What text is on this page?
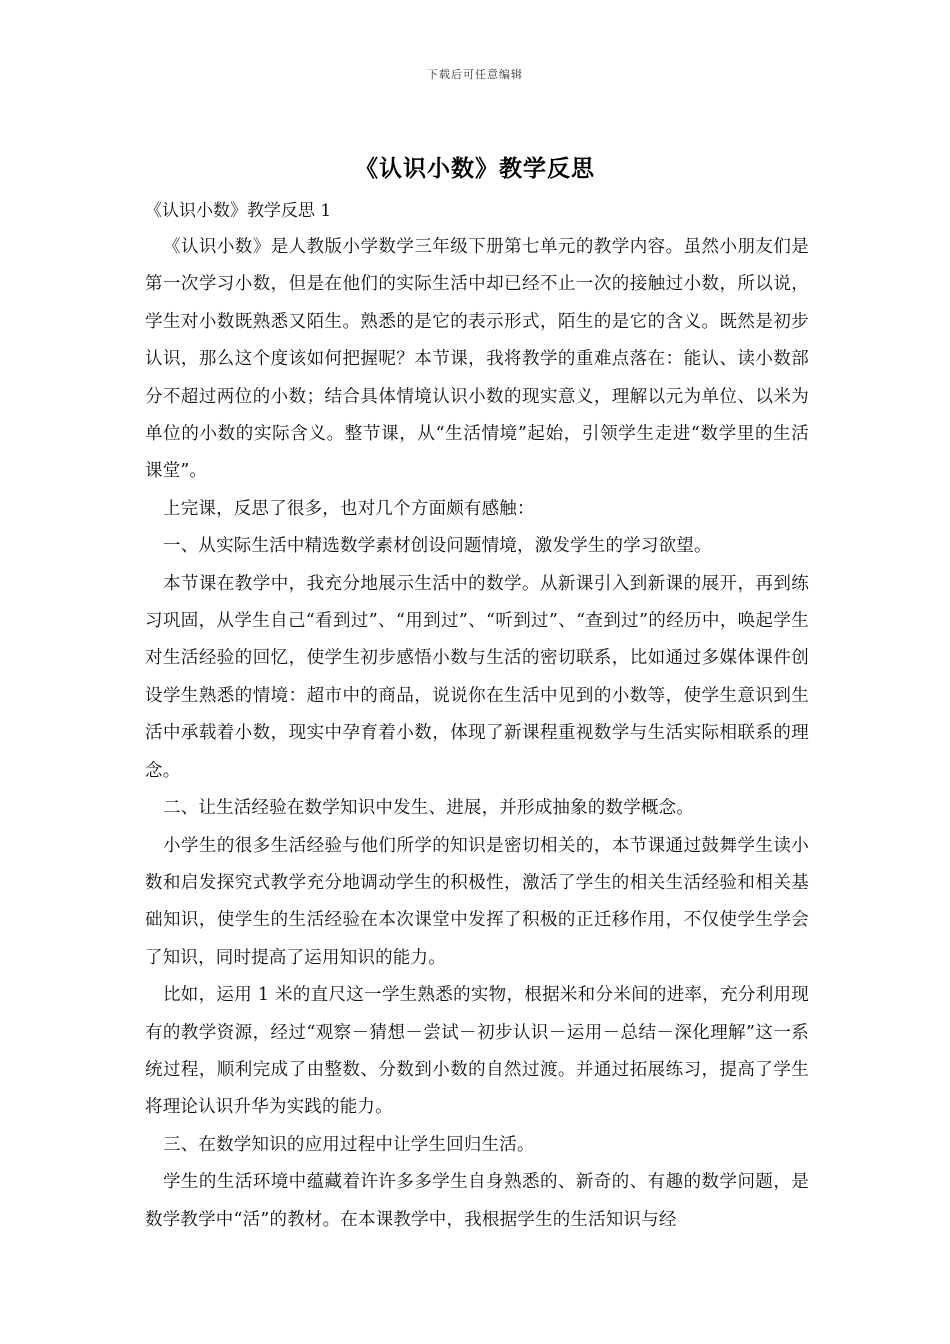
下载后可任意编辑
《认识小数》教学反思

《认识小数》教学反思 1

《认识小数》是人教版小学数学三年级下册第七单元的教学内容。虽然小朋友们是第一次学习小数，但是在他们的实际生活中却已经不止一次的接触过小数，所以说，学生对小数既熟悉又陌生。熟悉的是它的表示形式，陌生的是它的含义。既然是初步认识，那么这个度该如何把握呢？本节课，我将教学的重难点落在：能认、读小数部分不超过两位的小数；结合具体情境认识小数的现实意义，理解以元为单位、以米为单位的小数的实际含义。整节课，从“生活情境”起始，引领学生走进“数学里的生活课堂”。

上完课，反思了很多，也对几个方面颇有感触：

一、从实际生活中精选数学素材创设问题情境，激发学生的学习欲望。

本节课在教学中，我充分地展示生活中的数学。从新课引入到新课的展开，再到练习巩固，从学生自己“看到过”、“用到过”、“听到过”、“查到过”的经历中，唤起学生对生活经验的回忆，使学生初步感悟小数与生活的密切联系，比如通过多媒体课件创设学生熟悉的情境：超市中的商品，说说你在生活中见到的小数等，使学生意识到生活中承载着小数，现实中孕育着小数，体现了新课程重视数学与生活实际相联系的理念。

二、让生活经验在数学知识中发生、进展，并形成抽象的数学概念。

小学生的很多生活经验与他们所学的知识是密切相关的，本节课通过鼓舞学生读小数和启发探究式教学充分地调动学生的积极性，激活了学生的相关生活经验和相关基础知识，使学生的生活经验在本次课堂中发挥了积极的正迁移作用，不仅使学生学会了知识，同时提高了运用知识的能力。

比如，运用 1 米的直尺这一学生熟悉的实物，根据米和分米间的进率，充分利用现有的教学资源，经过“观察－猜想－尝试－初步认识－运用－总结－深化理解”这一系统过程，顺利完成了由整数、分数到小数的自然过渡。并通过拓展练习，提高了学生将理论认识升华为实践的能力。

三、在数学知识的应用过程中让学生回归生活。

学生的生活环境中蕴藏着许许多多学生自身熟悉的、新奇的、有趣的数学问题，是数学教学中“活”的教材。在本课教学中，我根据学生的生活知识与经
